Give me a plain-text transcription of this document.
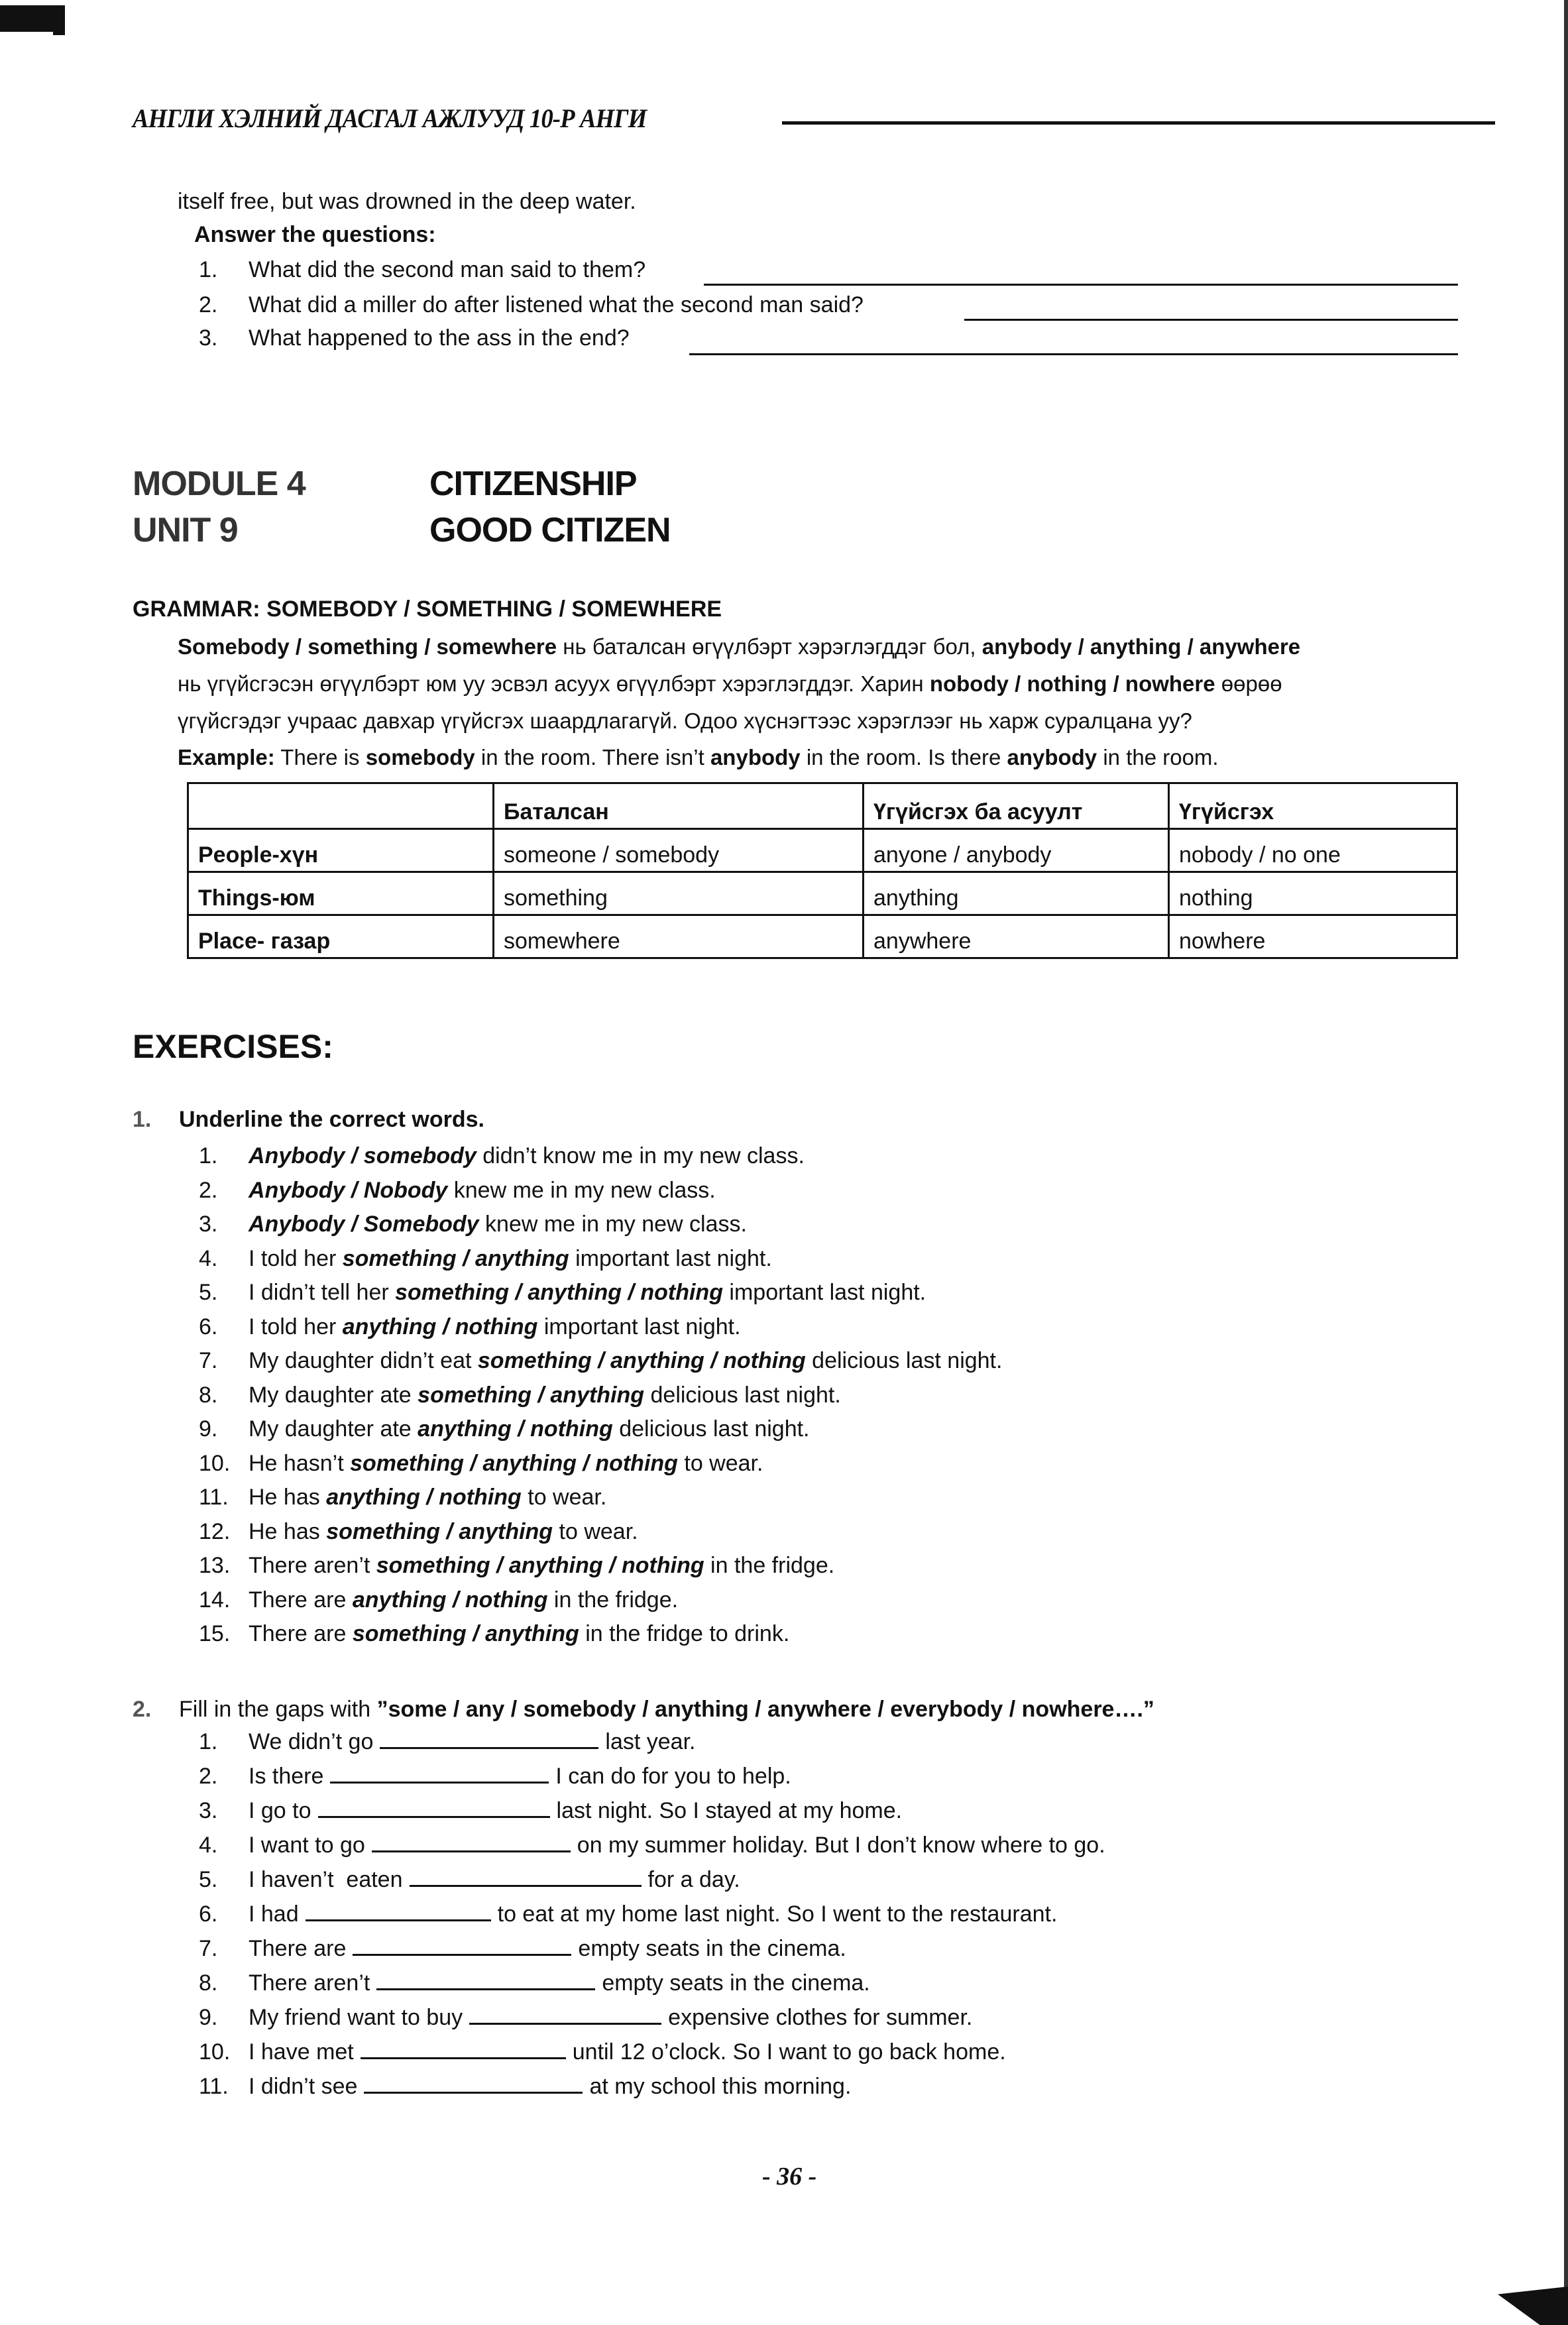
АНГЛИ ХЭЛНИЙ ДАСГАЛ АЖЛУУД 10-Р АНГИ
itself free, but was drowned in the deep water.
Answer the questions:
1.	What did the second man said to them?
2.	What did a miller do after listened what the second man said?
3.	What happened to the ass in the end?
MODULE 4	CITIZENSHIP
UNIT 9	GOOD CITIZEN
GRAMMAR: SOMEBODY / SOMETHING / SOMEWHERE
Somebody / something / somewhere нь баталсан өгүүлбэрт хэрэглэгддэг бол, anybody / anything / anywhere
нь үгүйсгэсэн өгүүлбэрт юм уу эсвэл асуух өгүүлбэрт хэрэглэгддэг. Харин nobody / nothing / nowhere өөрөө
үгүйсгэдэг учраас давхар үгүйсгэх шаардлагагүй. Одоо хүснэгтээс хэрэглээг нь харж суралцана уу?
Example: There is somebody in the room. There isn’t anybody in the room. Is there anybody in the room.
	Баталсан	Үгүйсгэх ба асуулт	Үгүйсгэх
People-хүн	someone / somebody	anyone / anybody	nobody / no one
Things-юм	something	anything	nothing
Place- газар	somewhere	anywhere	nowhere
EXERCISES:
1.	Underline the correct words.
1.	Anybody / somebody didn’t know me in my new class.
2.	Anybody / Nobody knew me in my new class.
3.	Anybody / Somebody knew me in my new class.
4.	I told her something / anything important last night.
5.	I didn’t tell her something / anything / nothing important last night.
6.	I told her anything / nothing important last night.
7.	My daughter didn’t eat something / anything / nothing delicious last night.
8.	My daughter ate something / anything delicious last night.
9.	My daughter ate anything / nothing delicious last night.
10. He hasn’t something / anything / nothing to wear.
11. He has anything / nothing to wear.
12. He has something / anything to wear.
13. There aren’t something / anything / nothing in the fridge.
14. There are anything / nothing in the fridge.
15. There are something / anything in the fridge to drink.
2.	Fill in the gaps with
”some / any / somebody / anything / anywhere / everybody / nowhere….”
1.	We didn’t go	last year.
2.	Is there	I can do for you to help.
3.	I go to	last night. So I stayed at my home.
4.	I want to go	on my summer holiday. But I don’t know where to go.
5.	I haven’t  eaten	for a day.
6.	I had	to eat at my home last night. So I went to the restaurant.
7.	There are	empty seats in the cinema.
8.	There aren’t	empty seats in the cinema.
9.	My friend want to buy	expensive clothes for summer.
10. I have met	until 12 o’clock. So I want to go back home.
11. I didn’t see	at my school this morning.
- 36 -
